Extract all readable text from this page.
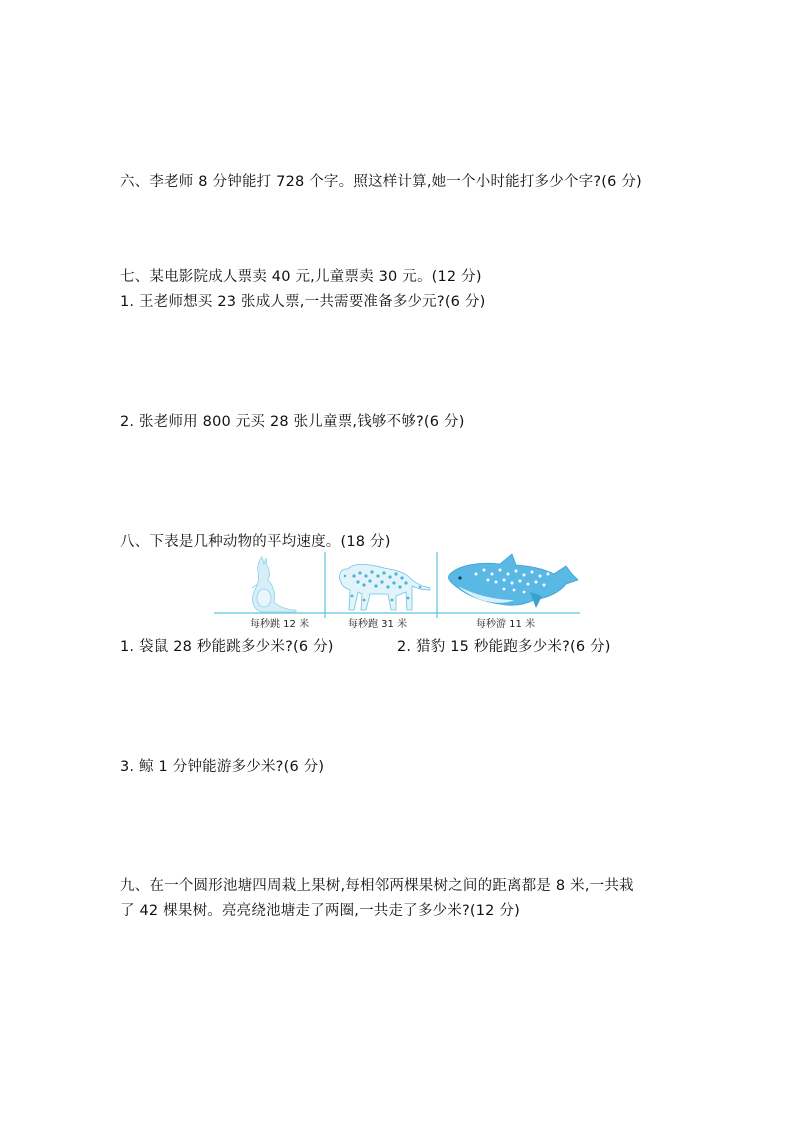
六、李老师 8 分钟能打 728 个字。照这样计算,她一个小时能打多少个字?(6 分)
七、某电影院成人票卖 40 元,儿童票卖 30 元。(12 分)
1. 王老师想买 23 张成人票,一共需要准备多少元?(6 分)
2. 张老师用 800 元买 28 张儿童票,钱够不够?(6 分)
八、下表是几种动物的平均速度。(18 分)
每秒跳 12 米	每秒跑 31 米	每秒游 11 米
1. 袋鼠 28 秒能跳多少米?(6 分)	2. 猎豹 15 秒能跑多少米?(6 分)
3. 鲸 1 分钟能游多少米?(6 分)
九、在一个圆形池塘四周栽上果树,每相邻两棵果树之间的距离都是 8 米,一共栽
了 42 棵果树。亮亮绕池塘走了两圈,一共走了多少米?(12 分)
